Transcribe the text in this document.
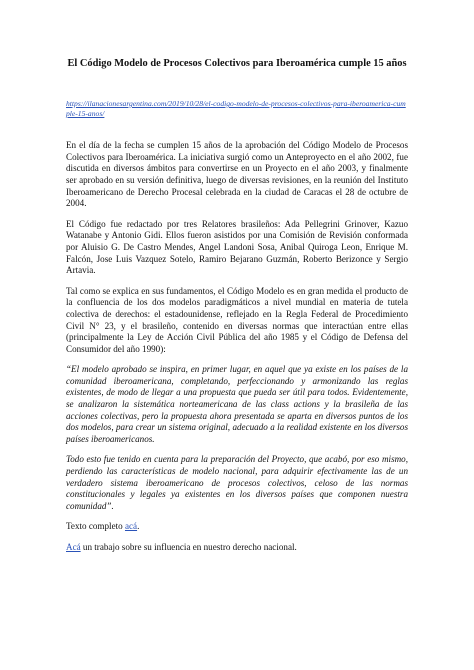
El Código Modelo de Procesos Colectivos para Iberoamérica cumple 15 años

https://ilanacionesargentina.com/2019/10/28/el-codigo-modelo-de-procesos-colectivos-para-iberoamerica-cumple-15-anos/

En el día de la fecha se cumplen 15 años de la aprobación del Código Modelo de Procesos Colectivos para Iberoamérica. La iniciativa surgió como un Anteproyecto en el año 2002, fue discutida en diversos ámbitos para convertirse en un Proyecto en el año 2003, y finalmente ser aprobado en su versión definitiva, luego de diversas revisiones, en la reunión del Instituto Iberoamericano de Derecho Procesal celebrada en la ciudad de Caracas el 28 de octubre de 2004.

El Código fue redactado por tres Relatores brasileños: Ada Pellegrini Grinover, Kazuo Watanabe y Antonio Gidi. Ellos fueron asistidos por una Comisión de Revisión conformada por Aluisio G. De Castro Mendes, Angel Landoni Sosa, Anibal Quiroga Leon, Enrique M. Falcón, Jose Luis Vazquez Sotelo, Ramiro Bejarano Guzmán, Roberto Berizonce y Sergio Artavia.

Tal como se explica en sus fundamentos, el Código Modelo es en gran medida el producto de la confluencia de los dos modelos paradigmáticos a nivel mundial en materia de tutela colectiva de derechos: el estadounidense, reflejado en la Regla Federal de Procedimiento Civil N° 23, y el brasileño, contenido en diversas normas que interactúan entre ellas (principalmente la Ley de Acción Civil Pública del año 1985 y el Código de Defensa del Consumidor del año 1990):

“El modelo aprobado se inspira, en primer lugar, en aquel que ya existe en los países de la comunidad iberoamericana, completando, perfeccionando y armonizando las reglas existentes, de modo de llegar a una propuesta que pueda ser útil para todos. Evidentemente, se analizaron la sistemática norteamericana de las class actions y la brasileña de las acciones colectivas, pero la propuesta ahora presentada se aparta en diversos puntos de los dos modelos, para crear un sistema original, adecuado a la realidad existente en los diversos países iberoamericanos.

Todo esto fue tenido en cuenta para la preparación del Proyecto, que acabó, por eso mismo, perdiendo las características de modelo nacional, para adquirir efectivamente las de un verdadero sistema iberoamericano de procesos colectivos, celoso de las normas constitucionales y legales ya existentes en los diversos países que componen nuestra comunidad”.

Texto completo acá.

Acá un trabajo sobre su influencia en nuestro derecho nacional.
